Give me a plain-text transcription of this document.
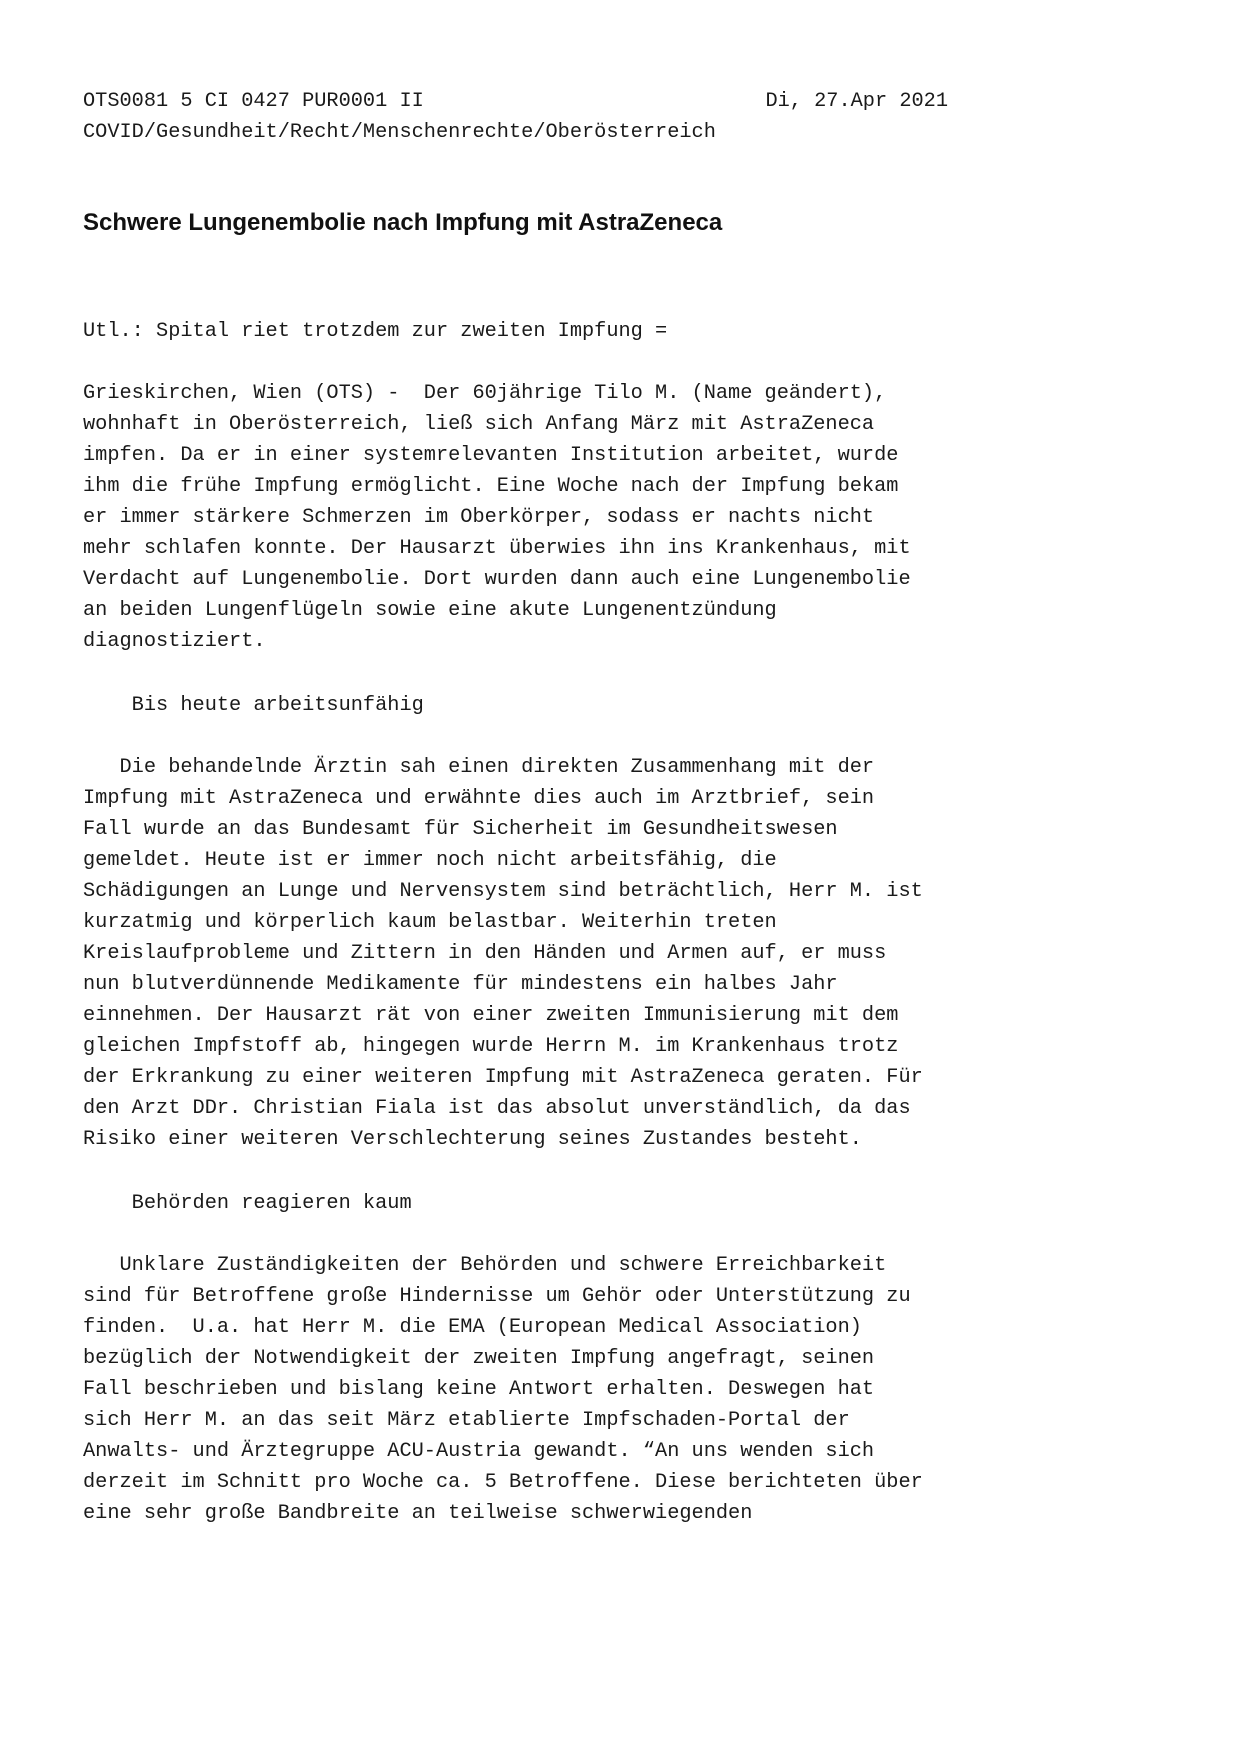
OTS0081 5 CI 0427 PUR0001 II	Di, 27.Apr 2021

COVID/Gesundheit/Recht/Menschenrechte/Oberösterreich

Schwere Lungenembolie nach Impfung mit AstraZeneca

Utl.: Spital riet trotzdem zur zweiten Impfung =

Grieskirchen, Wien (OTS) -  Der 60jährige Tilo M. (Name geändert),
wohnhaft in Oberösterreich, ließ sich Anfang März mit AstraZeneca
impfen. Da er in einer systemrelevanten Institution arbeitet, wurde
ihm die frühe Impfung ermöglicht. Eine Woche nach der Impfung bekam
er immer stärkere Schmerzen im Oberkörper, sodass er nachts nicht
mehr schlafen konnte. Der Hausarzt überwies ihn ins Krankenhaus, mit
Verdacht auf Lungenembolie. Dort wurden dann auch eine Lungenembolie
an beiden Lungenflügeln sowie eine akute Lungenentzündung
diagnostiziert.

Bis heute arbeitsunfähig

Die behandelnde Ärztin sah einen direkten Zusammenhang mit der
Impfung mit AstraZeneca und erwähnte dies auch im Arztbrief, sein
Fall wurde an das Bundesamt für Sicherheit im Gesundheitswesen
gemeldet. Heute ist er immer noch nicht arbeitsfähig, die
Schädigungen an Lunge und Nervensystem sind beträchtlich, Herr M. ist
kurzatmig und körperlich kaum belastbar. Weiterhin treten
Kreislaufprobleme und Zittern in den Händen und Armen auf, er muss
nun blutverdünnende Medikamente für mindestens ein halbes Jahr
einnehmen. Der Hausarzt rät von einer zweiten Immunisierung mit dem
gleichen Impfstoff ab, hingegen wurde Herrn M. im Krankenhaus trotz
der Erkrankung zu einer weiteren Impfung mit AstraZeneca geraten. Für
den Arzt DDr. Christian Fiala ist das absolut unverständlich, da das
Risiko einer weiteren Verschlechterung seines Zustandes besteht.

Behörden reagieren kaum

Unklare Zuständigkeiten der Behörden und schwere Erreichbarkeit
sind für Betroffene große Hindernisse um Gehör oder Unterstützung zu
finden.  U.a. hat Herr M. die EMA (European Medical Association)
bezüglich der Notwendigkeit der zweiten Impfung angefragt, seinen
Fall beschrieben und bislang keine Antwort erhalten. Deswegen hat
sich Herr M. an das seit März etablierte Impfschaden-Portal der
Anwalts- und Ärztegruppe ACU-Austria gewandt. “An uns wenden sich
derzeit im Schnitt pro Woche ca. 5 Betroffene. Diese berichteten über
eine sehr große Bandbreite an teilweise schwerwiegenden
